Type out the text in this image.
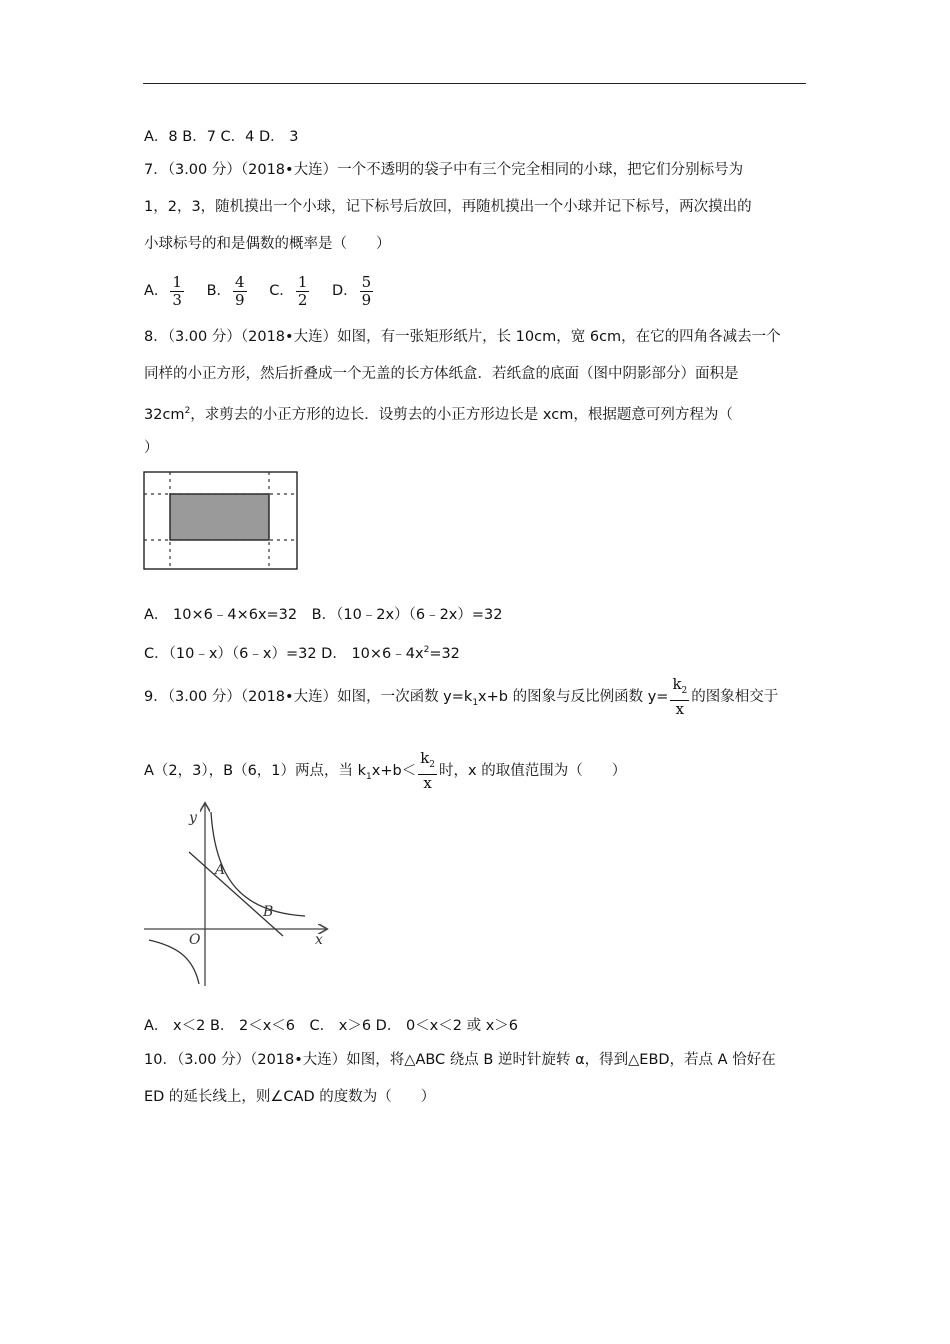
A．8 B．7 C．4 D． 3
7．（3.00 分）（2018•大连）一个不透明的袋子中有三个完全相同的小球，把它们分别标号为
1，2，3，随机摸出一个小球，记下标号后放回，再随机摸出一个小球并记下标号，两次摸出的
小球标号的和是偶数的概率是（　　）
A． $\frac{1}{3}$ B． $\frac{4}{9}$ C． $\frac{1}{2}$ D． $\frac{5}{9}$
8．（3.00 分）（2018•大连）如图，有一张矩形纸片，长 10cm，宽 6cm，在它的四角各减去一个
同样的小正方形，然后折叠成一个无盖的长方体纸盒．若纸盒的底面（图中阴影部分）面积是
$32cm^2$，求剪去的小正方形的边长．设剪去的小正方形边长是 xcm，根据题意可列方程为（
）
A． 10×6﹣4×6x=32　 B．（10﹣2x）（6﹣2x）=32
C．（10﹣x）（6﹣x）=32 D． $10\times 6﹣4x^2=32$
9．（3.00 分）（2018•大连）如图，一次函数 $y=k_1x+b$ 的图象与反比例函数 $y= \frac{k_2}{x}$ 的图象相交于
A（2，3），B（6，1）两点，当 $k_1x+b< \frac{k_2}{x}$ 时，x 的取值范围为（　　）
y
x
O
A
B
A． x＜2 B． 2＜x＜6　C． x＞6 D． 0＜x＜2 或 x＞6
10．（3.00 分）（2018•大连）如图，将△ABC 绕点 B 逆时针旋转 α，得到△EBD，若点 A 恰好在
ED 的延长线上，则∠CAD 的度数为（　　）
